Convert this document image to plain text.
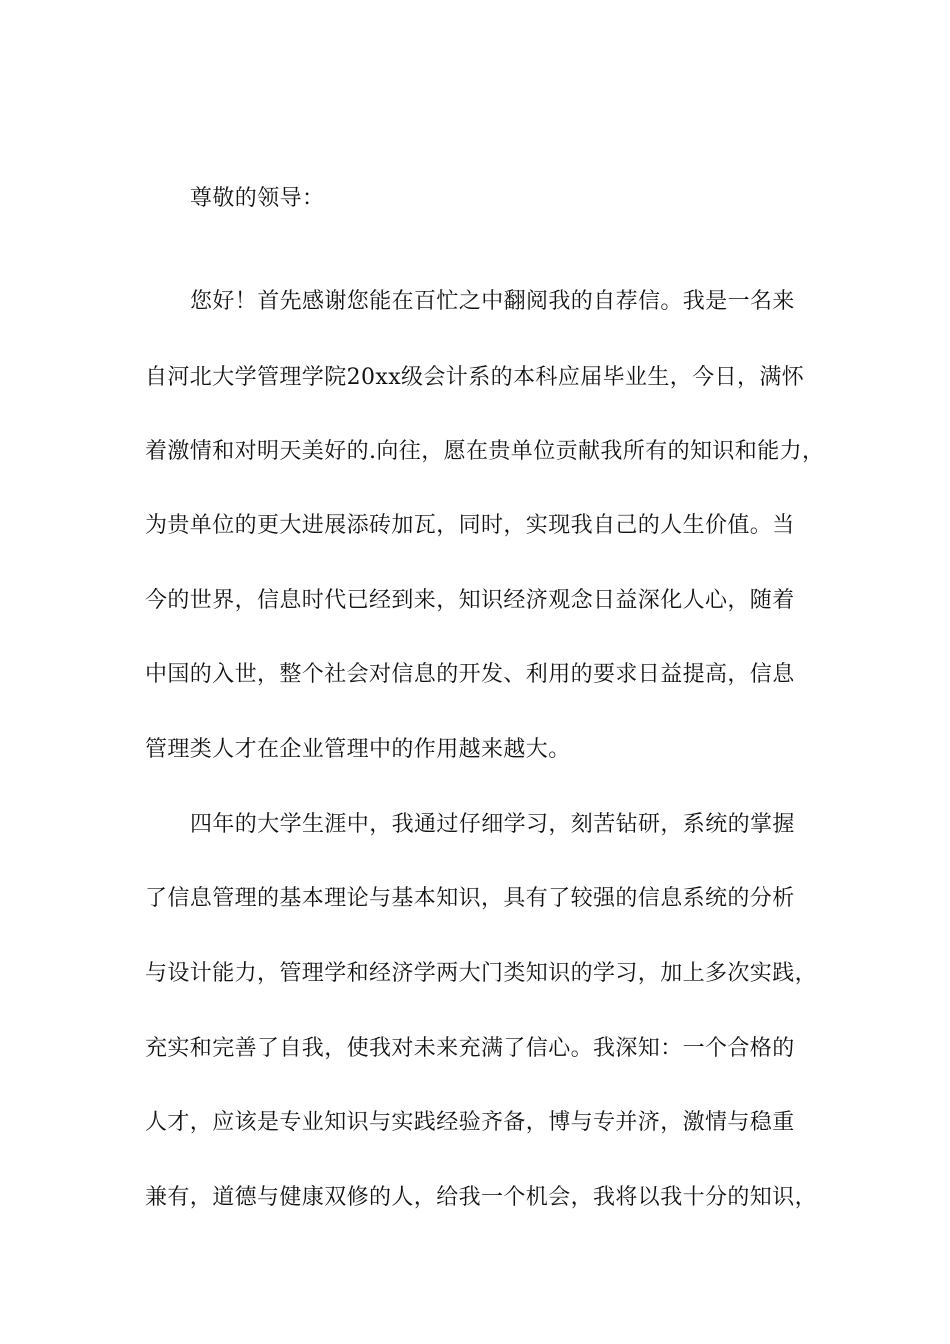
尊敬的领导：

您好！首先感谢您能在百忙之中翻阅我的自荐信。我是一名来

自河北大学管理学院20xx级会计系的本科应届毕业生，今日，满怀

着激情和对明天美好的.向往，愿在贵单位贡献我所有的知识和能力，

为贵单位的更大进展添砖加瓦，同时，实现我自己的人生价值。当

今的世界，信息时代已经到来，知识经济观念日益深化人心，随着

中国的入世，整个社会对信息的开发、利用的要求日益提高，信息

管理类人才在企业管理中的作用越来越大。

四年的大学生涯中，我通过仔细学习，刻苦钻研，系统的掌握

了信息管理的基本理论与基本知识，具有了较强的信息系统的分析

与设计能力，管理学和经济学两大门类知识的学习，加上多次实践，

充实和完善了自我，使我对未来充满了信心。我深知：一个合格的

人才，应该是专业知识与实践经验齐备，博与专并济，激情与稳重

兼有，道德与健康双修的人，给我一个机会，我将以我十分的知识，
